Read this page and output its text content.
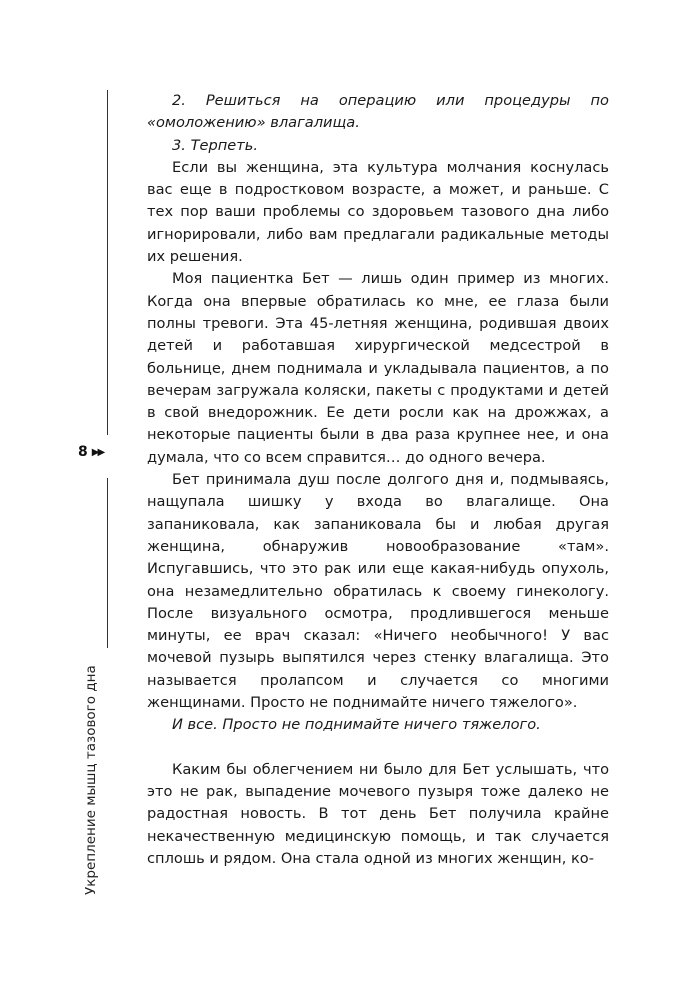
8 ▶▶
Укрепление мышц тазового дна

2. Решиться на операцию или процедуры по «омоложению» влагалища.

3. Терпеть.

Если вы женщина, эта культура молчания коснулась вас еще в подростковом возрасте, а может, и раньше. С тех пор ваши проблемы со здоровьем тазового дна либо игнорировали, либо вам предлагали радикальные методы их решения.

Моя пациентка Бет — лишь один пример из многих. Когда она впервые обратилась ко мне, ее глаза были полны тревоги. Эта 45-летняя женщина, родившая двоих детей и работавшая хирургической медсестрой в больнице, днем поднимала и укладывала пациентов, а по вечерам загружала коляски, пакеты с продуктами и детей в свой внедорожник. Ее дети росли как на дрожжах, а некоторые пациенты были в два раза крупнее нее, и она думала, что со всем справится… до одного вечера.

Бет принимала душ после долгого дня и, подмываясь, нащупала шишку у входа во влагалище. Она запаниковала, как запаниковала бы и любая другая женщина, обнаружив новообразование «там». Испугавшись, что это рак или еще какая-нибудь опухоль, она незамедлительно обратилась к своему гинекологу. После визуального осмотра, продлившегося меньше минуты, ее врач сказал: «Ничего необычного! У вас мочевой пузырь выпятился через стенку влагалища. Это называется пролапсом и случается со многими женщинами. Просто не поднимайте ничего тяжелого».

И все. Просто не поднимайте ничего тяжелого.

Каким бы облегчением ни было для Бет услышать, что это не рак, выпадение мочевого пузыря тоже далеко не радостная новость. В тот день Бет получила крайне некачественную медицинскую помощь, и так случается сплошь и рядом. Она стала одной из многих женщин, ко-
